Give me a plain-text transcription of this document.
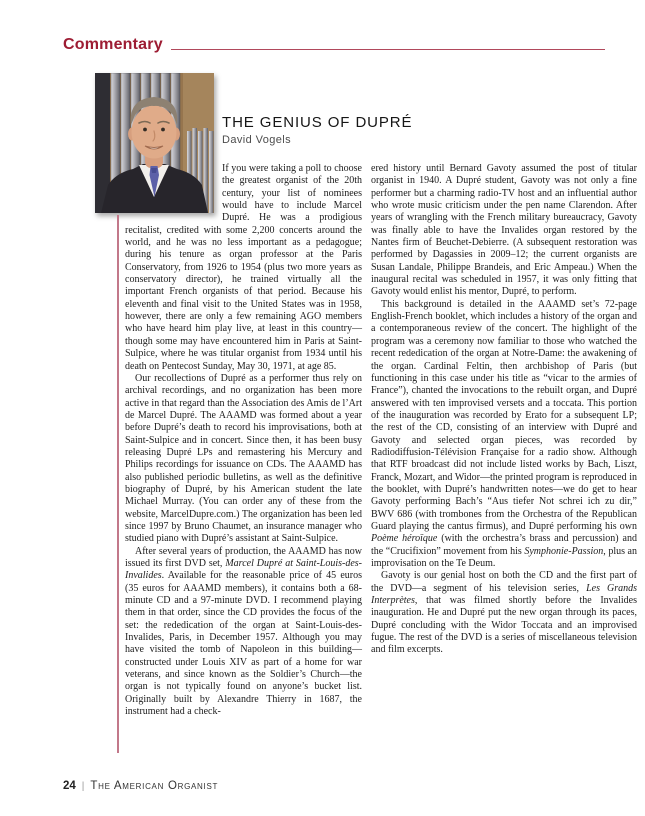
Commentary
THE GENIUS OF DUPRÉ
David Vogels

If you were taking a poll to choose the greatest organist of the 20th century, your list of nominees would have to include Marcel Dupré. He was a prodigious recitalist, credited with some 2,200 concerts around the world, and he was no less important as a pedagogue; during his tenure as organ professor at the Paris Conservatory, from 1926 to 1954 (plus two more years as conservatory director), he trained virtually all the important French organists of that period. Because his eleventh and final visit to the United States was in 1958, however, there are only a few remaining AGO members who have heard him play live, at least in this country—though some may have encountered him in Paris at Saint-Sulpice, where he was titular organist from 1934 until his death on Pentecost Sunday, May 30, 1971, at age 85.

Our recollections of Dupré as a performer thus rely on archival recordings, and no organization has been more active in that regard than the Association des Amis de l’Art de Marcel Dupré. The AAAMD was formed about a year before Dupré’s death to record his improvisations, both at Saint-Sulpice and in concert. Since then, it has been busy releasing Dupré LPs and remastering his Mercury and Philips recordings for issuance on CDs. The AAAMD has also published periodic bulletins, as well as the definitive biography of Dupré, by his American student the late Michael Murray. (You can order any of these from the website, MarcelDupre.com.) The organization has been led since 1997 by Bruno Chaumet, an insurance manager who studied piano with Dupré’s assistant at Saint-Sulpice.

After several years of production, the AAAMD has now issued its first DVD set, Marcel Dupré at Saint-Louis-des-Invalides. Available for the reasonable price of 45 euros (35 euros for AAAMD members), it contains both a 68-minute CD and a 97-minute DVD. I recommend playing them in that order, since the CD provides the focus of the set: the rededication of the organ at Saint-Louis-des-Invalides, Paris, in December 1957. Although you may have visited the tomb of Napoleon in this building—constructed under Louis XIV as part of a home for war veterans, and since known as the Soldier’s Church—the organ is not typically found on anyone’s bucket list. Originally built by Alexandre Thierry in 1687, the instrument had a check-

ered history until Bernard Gavoty assumed the post of titular organist in 1940. A Dupré student, Gavoty was not only a fine performer but a charming radio-TV host and an influential author who wrote music criticism under the pen name Clarendon. After years of wrangling with the French military bureaucracy, Gavoty was finally able to have the Invalides organ restored by the Nantes firm of Beuchet-Debierre. (A subsequent restoration was performed by Dagassies in 2009–12; the current organists are Susan Landale, Philippe Brandeis, and Eric Ampeau.) When the inaugural recital was scheduled in 1957, it was only fitting that Gavoty would enlist his mentor, Dupré, to perform.

This background is detailed in the AAAMD set’s 72-page English-French booklet, which includes a history of the organ and a contemporaneous review of the concert. The highlight of the program was a ceremony now familiar to those who watched the recent rededication of the organ at Notre-Dame: the awakening of the organ. Cardinal Feltin, then archbishop of Paris (but functioning in this case under his title as “vicar to the armies of France”), chanted the invocations to the rebuilt organ, and Dupré answered with ten improvised versets and a toccata. This portion of the inauguration was recorded by Erato for a subsequent LP; the rest of the CD, consisting of an interview with Dupré and Gavoty and selected organ pieces, was recorded by Radiodiffusion-Télévision Française for a radio show. Although that RTF broadcast did not include listed works by Bach, Liszt, Franck, Mozart, and Widor—the printed program is reproduced in the booklet, with Dupré’s handwritten notes—we do get to hear Gavoty performing Bach’s “Aus tiefer Not schrei ich zu dir,” BWV 686 (with trombones from the Orchestra of the Republican Guard playing the cantus firmus), and Dupré performing his own Poème héroïque (with the orchestra’s brass and percussion) and the “Crucifixion” movement from his Symphonie-Passion, plus an improvisation on the Te Deum.

Gavoty is our genial host on both the CD and the first part of the DVD—a segment of his television series, Les Grands Interprètes, that was filmed shortly before the Invalides inauguration. He and Dupré put the new organ through its paces, Dupré concluding with the Widor Toccata and an improvised fugue. The rest of the DVD is a series of miscellaneous television and film excerpts.

24 | The American Organist
